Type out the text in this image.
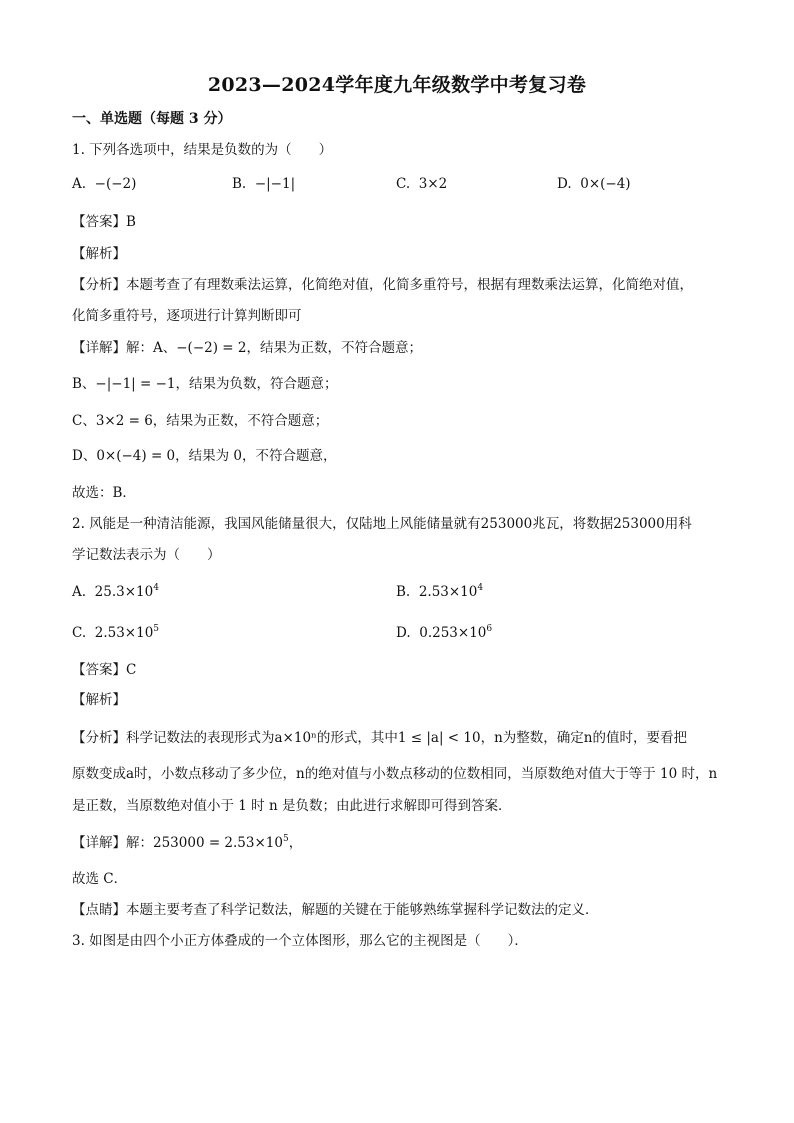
2023—2024学年度九年级数学中考复习卷
一、单选题（每题 3 分）
1. 下列各选项中，结果是负数的为（　　）
A. −(−2)	B. −|−1|	C. 3×2	D. 0×(−4)
【答案】B
【解析】
【分析】本题考查了有理数乘法运算，化简绝对值，化简多重符号，根据有理数乘法运算，化简绝对值，
化简多重符号，逐项进行计算判断即可
【详解】解：A、−(−2) = 2，结果为正数，不符合题意；
B、−|−1| = −1，结果为负数，符合题意；
C、3×2 = 6，结果为正数，不符合题意；
D、0×(−4) = 0，结果为 0，不符合题意，
故选：B．
2. 风能是一种清洁能源，我国风能储量很大，仅陆地上风能储量就有253000兆瓦，将数据253000用科
学记数法表示为（　　）
A. $25.3\times 10^4$	B. $2.53\times 10^4$
C. $2.53\times 10^5$	D. $0.253\times 10^6$
【答案】C
【解析】
【分析】科学记数法的表现形式为a×10ⁿ的形式，其中1 ≤ |a| < 10，n为整数，确定n的值时，要看把
原数变成a时，小数点移动了多少位，n的绝对值与小数点移动的位数相同，当原数绝对值大于等于 10 时，n
是正数，当原数绝对值小于 1 时 n 是负数；由此进行求解即可得到答案．
【详解】解：$253000 = 2.53\times 10^5$，
故选 C．
【点睛】本题主要考查了科学记数法，解题的关键在于能够熟练掌握科学记数法的定义．
3. 如图是由四个小正方体叠成的一个立体图形，那么它的主视图是（　　）．
